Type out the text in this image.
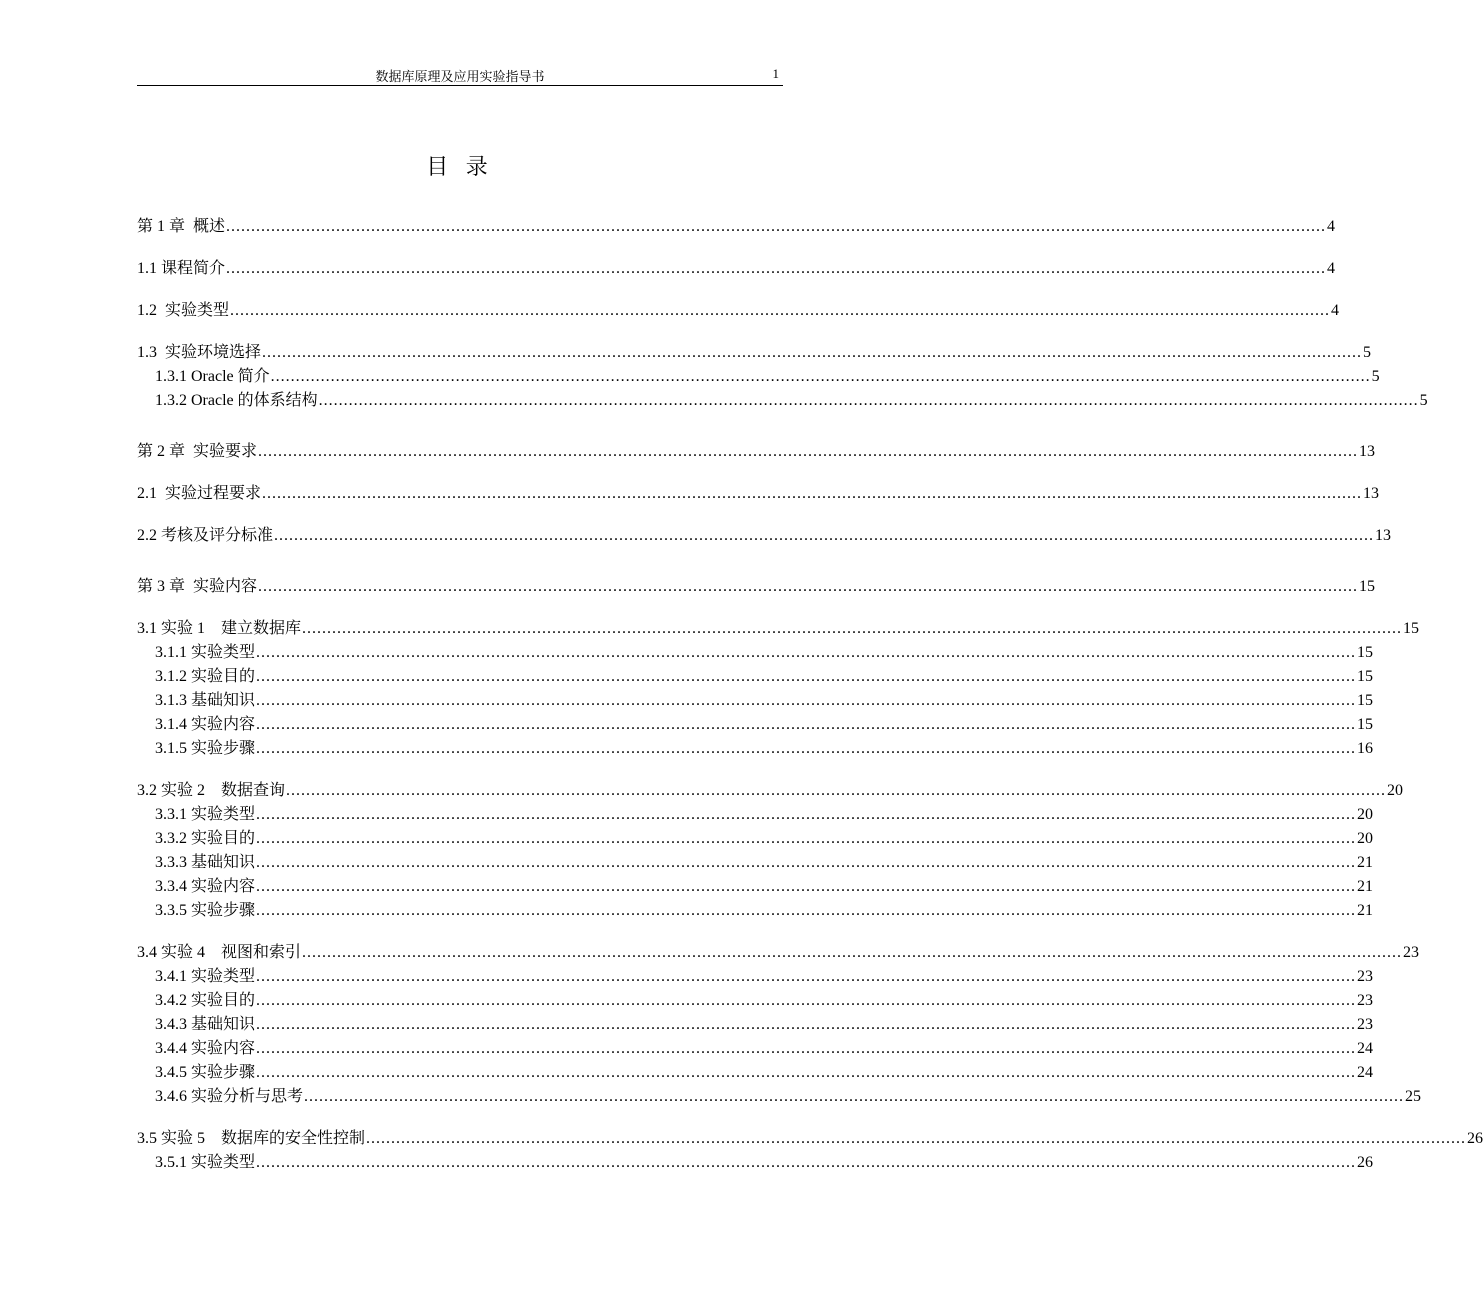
数据库原理及应用实验指导书	1
目 录
第 1 章  概述 ............................................................................................................................................................................................................................ 4
1.1 课程简介 ............................................................................................................................................................................................................................ 4
1.2  实验类型 ............................................................................................................................................................................................................................ 4
1.3  实验环境选择 ............................................................................................................................................................................................................................ 5
1.3.1 Oracle 简介 ............................................................................................................................................................................................................................ 5
1.3.2 Oracle 的体系结构 ............................................................................................................................................................................................................................ 5
第 2 章  实验要求 ............................................................................................................................................................................................................................ 13
2.1  实验过程要求 ............................................................................................................................................................................................................................ 13
2.2 考核及评分标准 ............................................................................................................................................................................................................................ 13
第 3 章  实验内容 ............................................................................................................................................................................................................................ 15
3.1 实验 1    建立数据库 ............................................................................................................................................................................................................................ 15
3.1.1 实验类型 ............................................................................................................................................................................................................................ 15
3.1.2 实验目的 ............................................................................................................................................................................................................................ 15
3.1.3 基础知识 ............................................................................................................................................................................................................................ 15
3.1.4 实验内容 ............................................................................................................................................................................................................................ 15
3.1.5 实验步骤 ............................................................................................................................................................................................................................ 16
3.2 实验 2    数据查询 ............................................................................................................................................................................................................................ 20
3.3.1 实验类型 ............................................................................................................................................................................................................................ 20
3.3.2 实验目的 ............................................................................................................................................................................................................................ 20
3.3.3 基础知识 ............................................................................................................................................................................................................................ 21
3.3.4 实验内容 ............................................................................................................................................................................................................................ 21
3.3.5 实验步骤 ............................................................................................................................................................................................................................ 21
3.4 实验 4    视图和索引 ............................................................................................................................................................................................................................ 23
3.4.1 实验类型 ............................................................................................................................................................................................................................ 23
3.4.2 实验目的 ............................................................................................................................................................................................................................ 23
3.4.3 基础知识 ............................................................................................................................................................................................................................ 23
3.4.4 实验内容 ............................................................................................................................................................................................................................ 24
3.4.5 实验步骤 ............................................................................................................................................................................................................................ 24
3.4.6 实验分析与思考 ............................................................................................................................................................................................................................ 25
3.5 实验 5    数据库的安全性控制 ............................................................................................................................................................................................................................ 26
3.5.1 实验类型 ............................................................................................................................................................................................................................ 26
